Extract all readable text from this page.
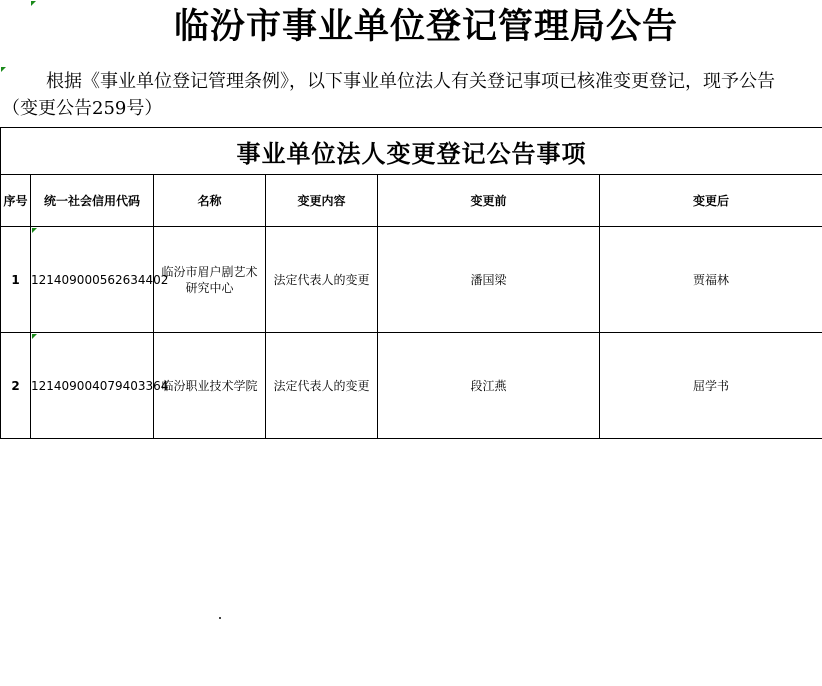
临汾市事业单位登记管理局公告
根据《事业单位登记管理条例》，以下事业单位法人有关登记事项已核准变更登记，现予公告（变更公告259号）
事业单位法人变更登记公告事项					
序号	统一社会信用代码	名称	变更内容	变更前	变更后
1	121409000562634402	临汾市眉户剧艺术研究中心	法定代表人的变更	潘国梁	贾福林
2	121409004079403364	临汾职业技术学院	法定代表人的变更	段江燕	屈学书
